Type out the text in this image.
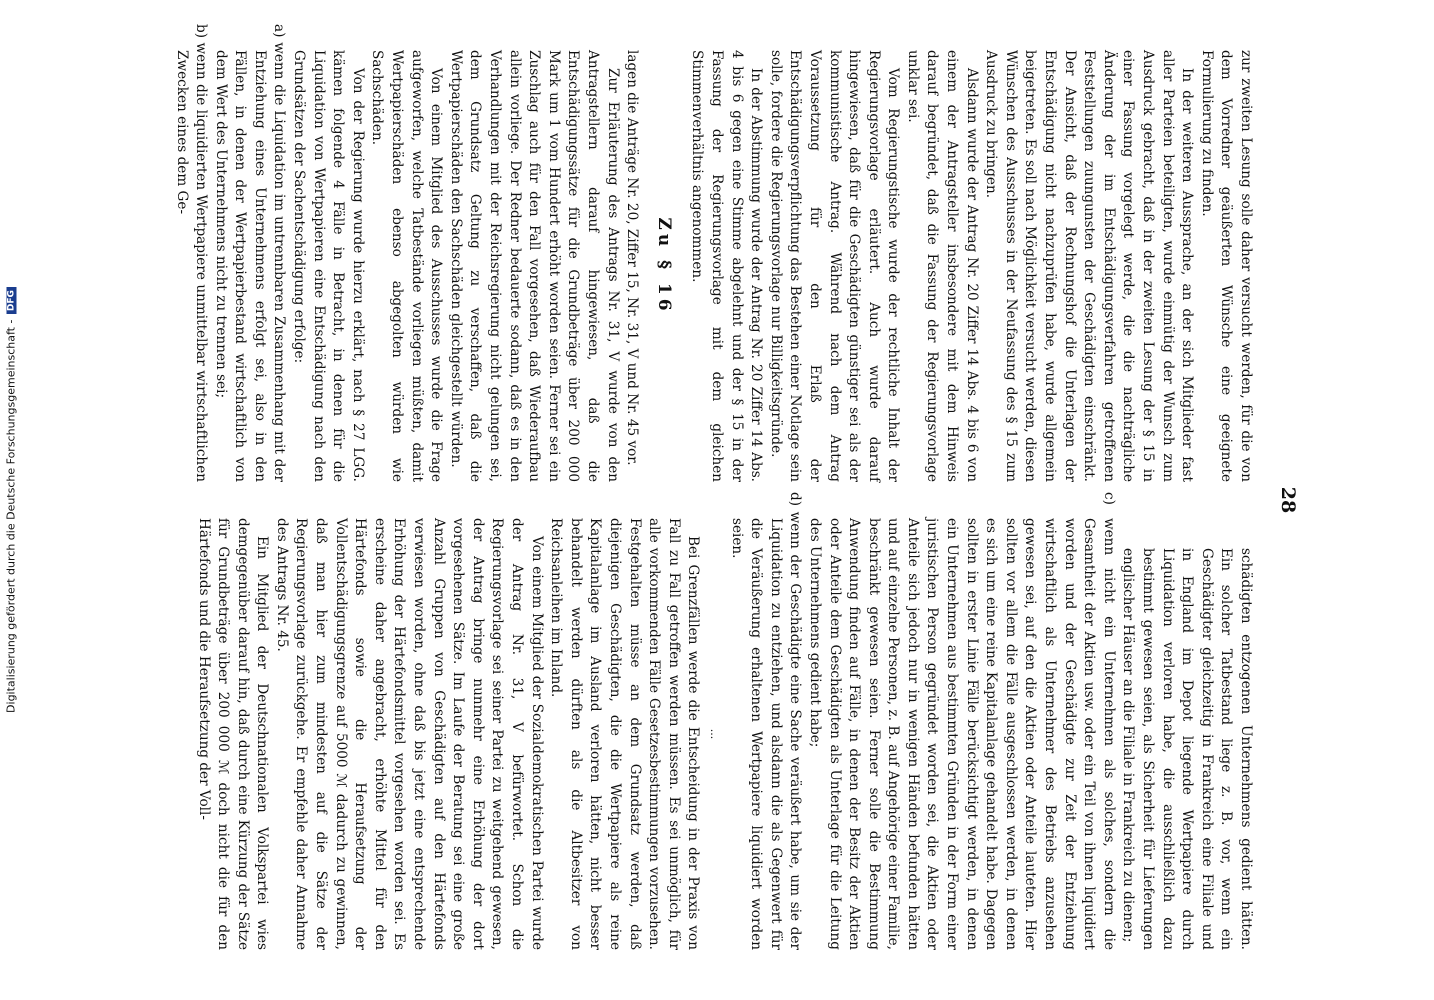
Digitalisierung gefördert durch die Deutsche Forschungsgemeinschaft - DFG
28

zur zweiten Lesung solle daher versucht werden, für die von dem Vorredner geäußerten Wünsche eine geeignete Formulierung zu finden.

In der weiteren Aussprache, an der sich Mitglieder fast aller Parteien beteiligten, wurde einmütig der Wunsch zum Ausdruck gebracht, daß in der zweiten Lesung der § 15 in einer Fassung vorgelegt werde, die die nachträgliche Änderung der im Entschädigungsverfahren getroffenen Feststellungen zuungunsten der Geschädigten einschränkt. Der Ansicht, daß der Rechnungshof die Unterlagen der Entschädigung nicht nachzuprüfen habe, wurde allgemein beigetreten. Es soll nach Möglichkeit versucht werden, diesen Wünschen des Ausschusses in der Neufassung des § 15 zum Ausdruck zu bringen.

Alsdann wurde der Antrag Nr. 20 Ziffer 14 Abs. 4 bis 6 von einem der Antragsteller insbesondere mit dem Hinweis darauf begründet, daß die Fassung der Regierungsvorlage unklar sei.

Vom Regierungstische wurde der rechtliche Inhalt der Regierungsvorlage erläutert. Auch wurde darauf hingewiesen, daß für die Geschädigten günstiger sei als der kommunistische Antrag. Während nach dem Antrag Voraussetzung für den Erlaß der Entschädigungsverpflichtung das Bestehen einer Notlage sein solle, fordere die Regierungsvorlage nur Billigkeitsgründe.

In der Abstimmung wurde der Antrag Nr. 20 Ziffer 14 Abs. 4 bis 6 gegen eine Stimme abgelehnt und der § 15 in der Fassung der Regierungsvorlage mit dem gleichen Stimmenverhältnis angenommen.

Zu § 16

lagen die Anträge Nr. 20, Ziffer 15, Nr. 31, V und Nr. 45 vor.

Zur Erläuterung des Antrags Nr. 31, V wurde von den Antragstellern darauf hingewiesen, daß die Entschädigungssätze für die Grundbeträge über 200 000 Mark um 1 vom Hundert erhöht worden seien. Ferner sei ein Zuschlag auch für den Fall vorgesehen, daß Wiederaufbau allein vorliege. Der Redner bedauerte sodann, daß es in den Verhandlungen mit der Reichsregierung nicht gelungen sei, dem Grundsatz Geltung zu verschaffen, daß die Wertpapierschäden den Sachschäden gleichgestellt würden.

Von einem Mitglied des Ausschusses wurde die Frage aufgeworfen, welche Tatbestände vorliegen müßten, damit Wertpapierschäden ebenso abgegolten würden wie Sachschäden.

Von der Regierung wurde hierzu erklärt, nach § 27 LGG. kämen folgende 4 Fälle in Betracht, in denen für die Liquidation von Wertpapieren eine Entschädigung nach den Grundsätzen der Sachentschädigung erfolge:

a) wenn die Liquidation im untrennbaren Zusammenhang mit der Entziehung eines Unternehmens erfolgt sei, also in den Fällen, in denen der Wertpapierbestand wirtschaftlich von dem Wert des Unternehmens nicht zu trennen sei;

b) wenn die liquidierten Wertpapiere unmittelbar wirtschaftlichen Zwecken eines dem Ge-

schädigten entzogenen Unternehmens gedient hätten. Ein solcher Tatbestand liege z. B. vor, wenn ein Geschädigter gleichzeitig in Frankreich eine Filiale und in England im Depot liegende Wertpapiere durch Liquidation verloren habe, die ausschließlich dazu bestimmt gewesen seien, als Sicherheit für Lieferungen englischer Häuser an die Filiale in Frankreich zu dienen;

c) wenn nicht ein Unternehmen als solches, sondern die Gesamtheit der Aktien usw. oder ein Teil von ihnen liquidiert worden und der Geschädigte zur Zeit der Entziehung wirtschaftlich als Unternehmer des Betriebs anzusehen gewesen sei, auf den die Aktien oder Anteile lauteten. Hier sollten vor allem die Fälle ausgeschlossen werden, in denen es sich um eine reine Kapitalanlage gehandelt habe. Dagegen sollten in erster Linie Fälle berücksichtigt werden, in denen ein Unternehmen aus bestimmten Gründen in der Form einer juristischen Person gegründet worden sei, die Aktien oder Anteile sich jedoch nur in wenigen Händen befunden hätten und auf einzelne Personen, z. B. auf Angehörige einer Familie, beschränkt gewesen seien. Ferner solle die Bestimmung Anwendung finden auf Fälle, in denen der Besitz der Aktien oder Anteile dem Geschädigten als Unterlage für die Leitung des Unternehmens gedient habe;

d) wenn der Geschädigte eine Sache veräußert habe, um sie der Liquidation zu entziehen, und alsdann die als Gegenwert für die Veräußerung erhaltenen Wertpapiere liquidiert worden seien.

...

Bei Grenzfällen werde die Entscheidung in der Praxis von Fall zu Fall getroffen werden müssen. Es sei unmöglich, für alle vorkommenden Fälle Gesetzesbestimmungen vorzusehen. Festgehalten müsse an dem Grundsatz werden, daß diejenigen Geschädigten, die die Wertpapiere als reine Kapitalanlage im Ausland verloren hätten, nicht besser behandelt werden dürften als die Altbesitzer von Reichsanleihen im Inland.

Von einem Mitglied der Sozialdemokratischen Partei wurde der Antrag Nr. 31, V befürwortet. Schon die Regierungsvorlage sei seiner Partei zu weitgehend gewesen, der Antrag bringe nunmehr eine Erhöhung der dort vorgesehenen Sätze. Im Laufe der Beratung sei eine große Anzahl Gruppen von Geschädigten auf den Härtefonds verwiesen worden, ohne daß bis jetzt eine entsprechende Erhöhung der Härtefondsmittel vorgesehen worden sei. Es erscheine daher angebracht, erhöhte Mittel für den Härtefonds sowie die Heraufsetzung der Vollentschädigungsgrenze auf 5000 ℳ dadurch zu gewinnen, daß man hier zum mindesten auf die Sätze der Regierungsvorlage zurückgehe. Er empfehle daher Annahme des Antrags Nr. 45.

Ein Mitglied der Deutschnationalen Volkspartei wies demgegenüber darauf hin, daß durch eine Kürzung der Sätze für Grundbeträge über 200 000 ℳ doch nicht die für den Härtefonds und die Heraufsetzung der Voll-
